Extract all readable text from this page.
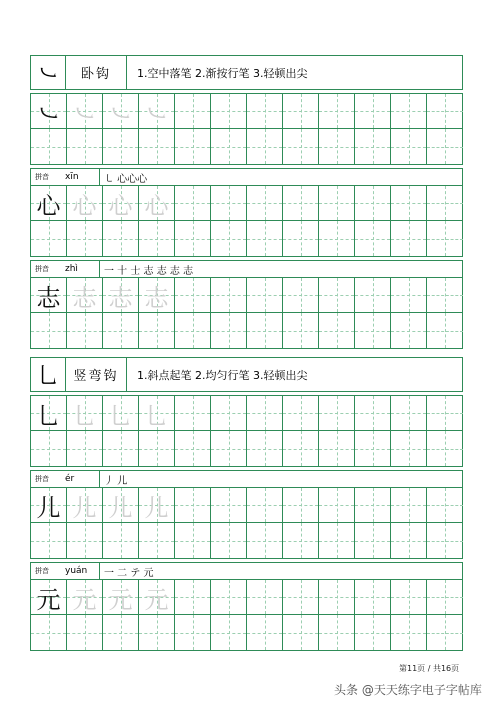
㇃	卧钩	1.空中落笔 2.渐按行笔 3.轻顿出尖
㇃ ㇃ ㇃ ㇃
拼音	xīn	㇄ 心心心
心 心 心 心
拼音	zhì	一 十 士 志 志 志 志
志 志 志 志
乚	竖弯钩	1.斜点起笔 2.均匀行笔 3.轻顿出尖
乚 乚 乚 乚
拼音	ér	丿 儿
儿 儿 儿 儿
拼音	yuán	一 二 テ 元
元 元 元 元
第11页 / 共16页
头条 @天天练字电子字帖库
